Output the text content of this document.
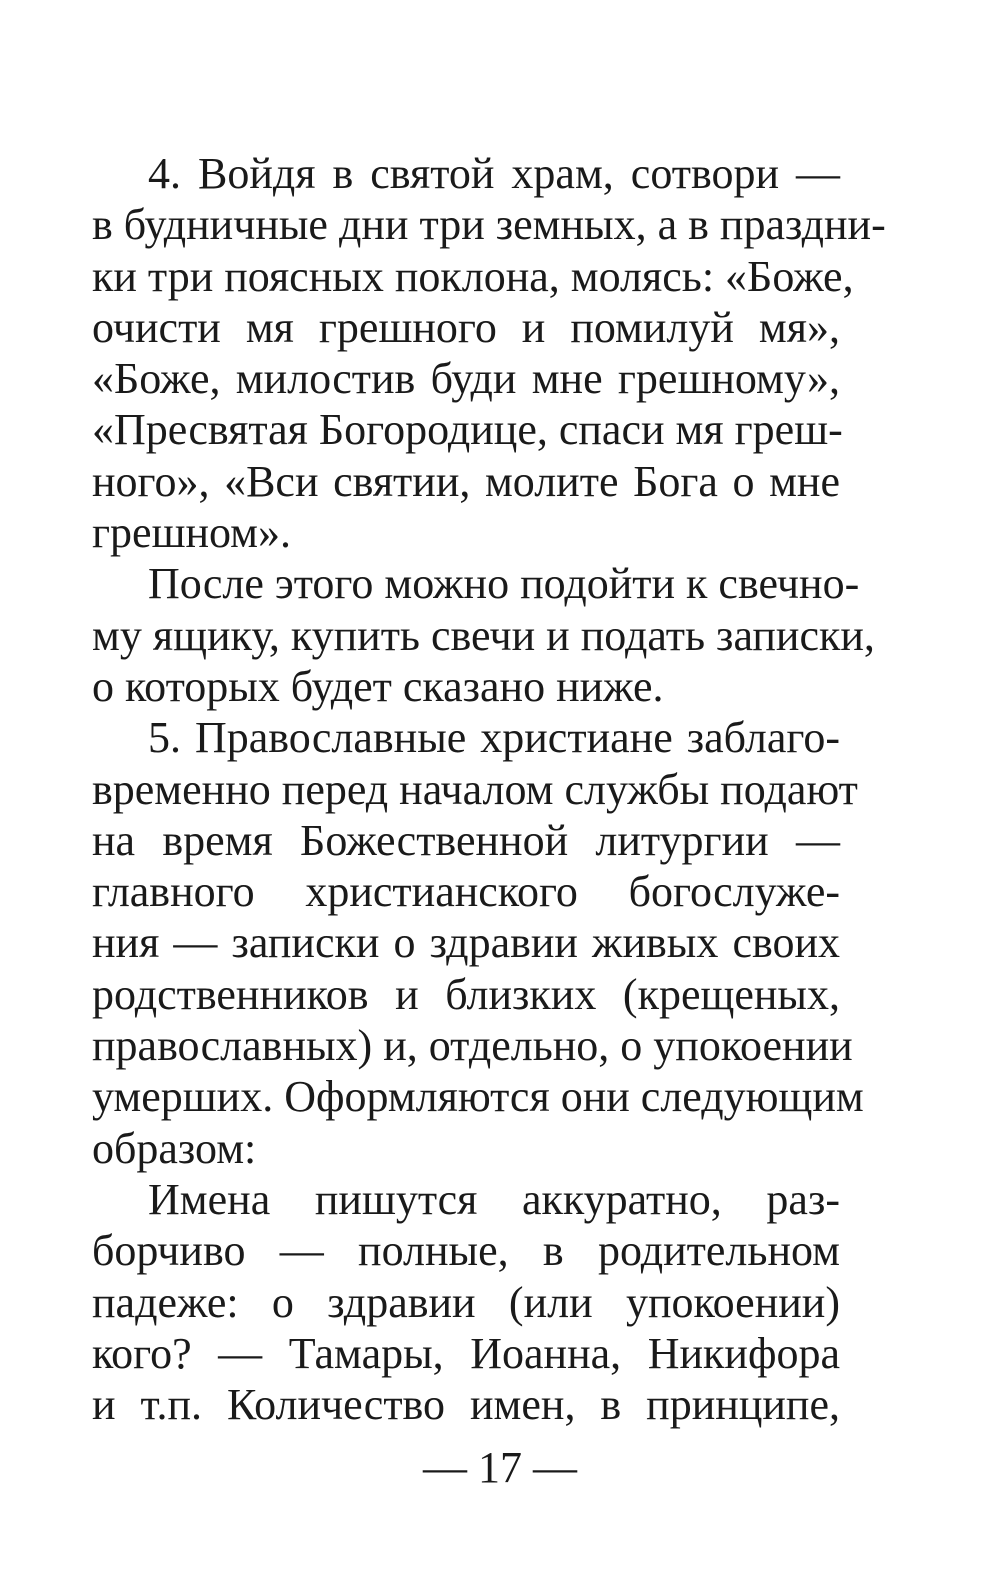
4. Войдя в святой храм, сотвори —
в будничные дни три земных, а в праздни-
ки три поясных поклона, молясь: «Боже,
очисти мя грешного и помилуй мя»,
«Боже, милостив буди мне грешному»,
«Пресвятая Богородице, спаси мя греш-
ного», «Вси святии, молите Бога о мне
грешном».
После этого можно подойти к свечно-
му ящику, купить свечи и подать записки,
о которых будет сказано ниже.
5. Православные христиане заблаго-
временно перед началом службы подают
на время Божественной литургии —
главного христианского богослуже-
ния — записки о здравии живых своих
родственников и близких (крещеных,
православных) и, отдельно, о упокоении
умерших. Оформляются они следующим
образом:
Имена пишутся аккуратно, раз-
борчиво — полные, в родительном
падеже: о здравии (или упокоении)
кого? — Тамары, Иоанна, Никифора
и т.п. Количество имен, в принципе,
— 17 —
